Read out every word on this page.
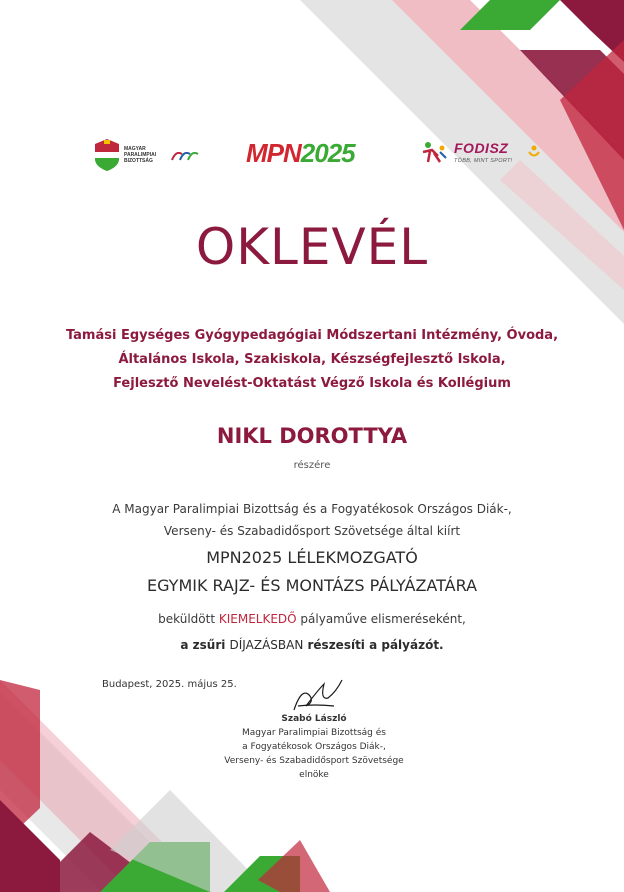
MAGYAR PARALIMPIAI BIZOTTSÁG	MPN2025	FODISZ
TÖBB, MINT SPORT!
OKLEVÉL
Tamási Egységes Gyógypedagógiai Módszertani Intézmény, Óvoda,
Általános Iskola, Szakiskola, Készségfejlesztő Iskola,
Fejlesztő Nevelést-Oktatást Végző Iskola és Kollégium
NIKL DOROTTYA
részére
A Magyar Paralimpiai Bizottság és a Fogyatékosok Országos Diák-,
Verseny- és Szabadidősport Szövetsége által kiírt
MPN2025 LÉLEKMOZGATÓ
EGYMIK RAJZ- ÉS MONTÁZS PÁLYÁZATÁRA
beküldött KIEMELKEDŐ pályaműve elismeréseként,
a zsűri DÍJAZÁSBAN részesíti a pályázót.
Budapest, 2025. május 25.
Szabó László
Magyar Paralimpiai Bizottság és
a Fogyatékosok Országos Diák-,
Verseny- és Szabadidősport Szövetsége
elnöke
